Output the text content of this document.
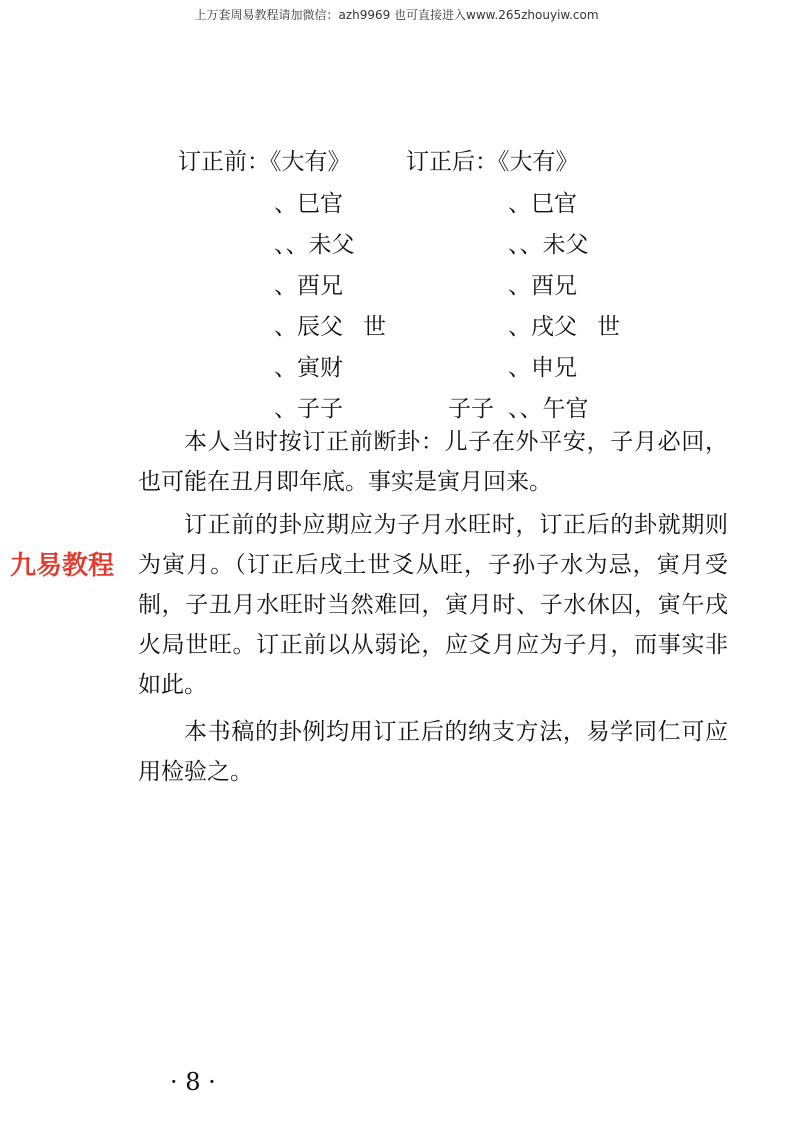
上万套周易教程请加微信：azh9969 也可直接进入www.265zhouyiw.com
订正前：《大有》 订正后：《大有》
、巳官
、、未父
、酉兄
、辰父 世
、寅财
、子子
、巳官
、、未父
、酉兄
、戌父 世
、申兄
、、午官
子子
本人当时按订正前断卦：儿子在外平安，子月必回，也可能在丑月即年底。事实是寅月回来。
订正前的卦应期应为子月水旺时，订正后的卦就期则为寅月。（订正后戌土世爻从旺，子孙子水为忌，寅月受制，子丑月水旺时当然难回，寅月时、子水休囚，寅午戌火局世旺。订正前以从弱论，应爻月应为子月，而事实非如此。
本书稿的卦例均用订正后的纳支方法，易学同仁可应用检验之。
九易教程
· 8 ·
